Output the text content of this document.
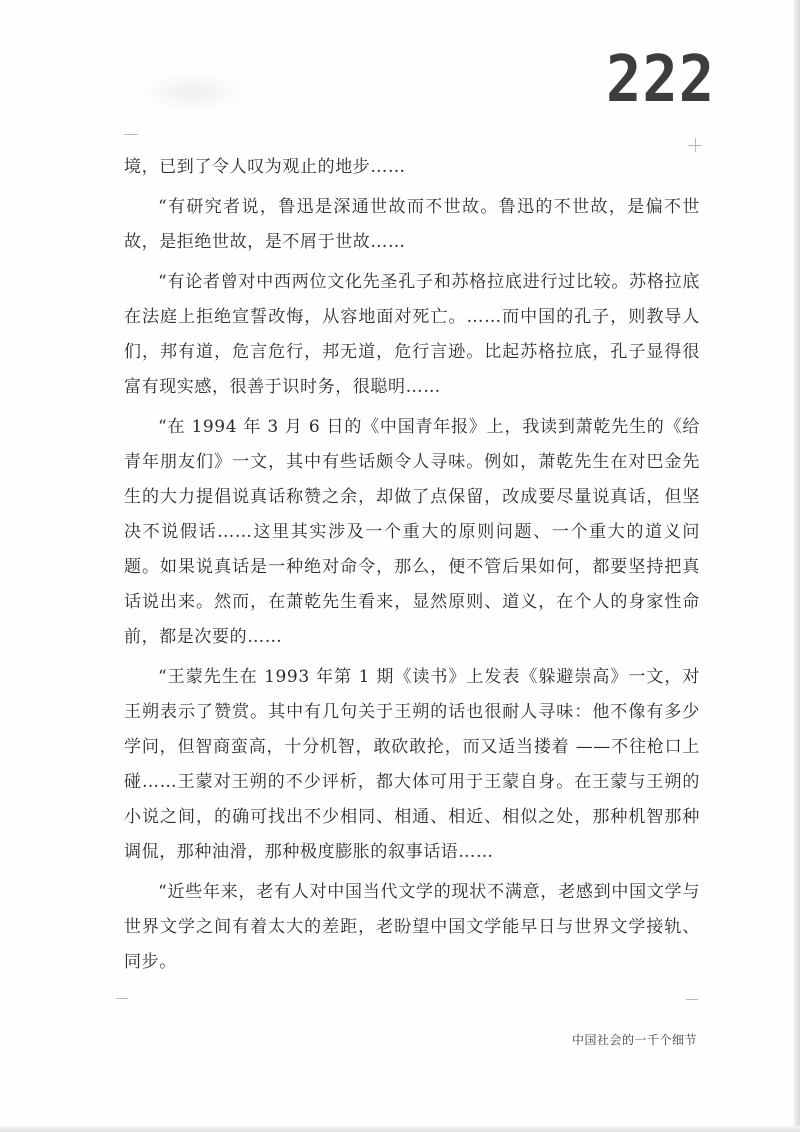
222

境，已到了令人叹为观止的地步……

“有研究者说，鲁迅是深通世故而不世故。鲁迅的不世故，是偏不世故，是拒绝世故，是不屑于世故……

“有论者曾对中西两位文化先圣孔子和苏格拉底进行过比较。苏格拉底在法庭上拒绝宣誓改悔，从容地面对死亡。……而中国的孔子，则教导人们，邦有道，危言危行，邦无道，危行言逊。比起苏格拉底，孔子显得很富有现实感，很善于识时务，很聪明……

“在 1994 年 3 月 6 日的《中国青年报》上，我读到萧乾先生的《给青年朋友们》一文，其中有些话颇令人寻味。例如，萧乾先生在对巴金先生的大力提倡说真话称赞之余，却做了点保留，改成要尽量说真话，但坚决不说假话……这里其实涉及一个重大的原则问题、一个重大的道义问题。如果说真话是一种绝对命令，那么，便不管后果如何，都要坚持把真话说出来。然而，在萧乾先生看来，显然原则、道义，在个人的身家性命前，都是次要的……

“王蒙先生在 1993 年第 1 期《读书》上发表《躲避崇高》一文，对王朔表示了赞赏。其中有几句关于王朔的话也很耐人寻味：他不像有多少学问，但智商蛮高，十分机智，敢砍敢抡，而又适当搂着 ——不往枪口上碰……王蒙对王朔的不少评析，都大体可用于王蒙自身。在王蒙与王朔的小说之间，的确可找出不少相同、相通、相近、相似之处，那种机智那种调侃，那种油滑，那种极度膨胀的叙事话语……

“近些年来，老有人对中国当代文学的现状不满意，老感到中国文学与世界文学之间有着太大的差距，老盼望中国文学能早日与世界文学接轨、同步。

中国社会的一千个细节
